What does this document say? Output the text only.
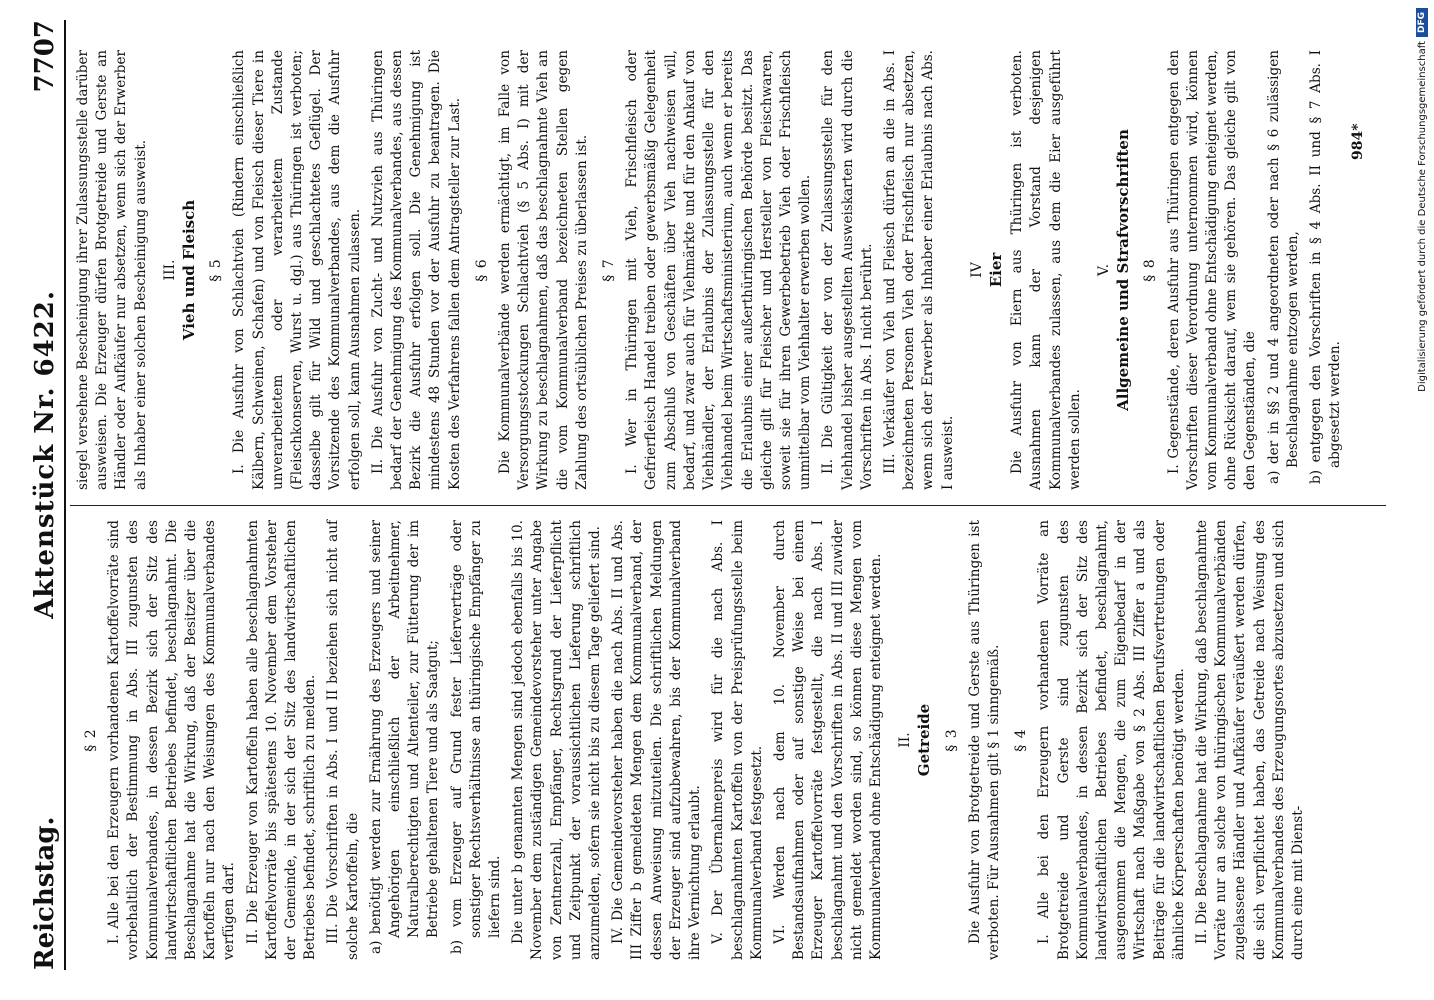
Reichstag.
Aktenstück Nr. 6422.
7707
§ 2 I. Alle bei den Erzeugern vorhandenen Kartoffelvorräte sind vorbehaltlich der Bestimmung in Abs. III zugunsten des Kommunalverbandes, in dessen Bezirk sich der Sitz des landwirtschaftlichen Betriebes befindet, beschlagnahmt. Die Beschlagnahme hat die Wirkung, daß der Besitzer über die Kartoffeln nur nach den Weisungen des Kommunalverbandes verfügen darf. II. Die Erzeuger von Kartoffeln haben alle beschlagnahmten Kartoffelvorräte bis spätestens 10. November dem Vorsteher der Gemeinde, in der sich der Sitz des landwirtschaftlichen Betriebes befindet, schriftlich zu melden. III. Die Vorschriften in Abs. I und II beziehen sich nicht auf solche Kartoffeln, die a) benötigt werden zur Ernährung des Erzeugers und seiner Angehörigen einschließlich der Arbeitnehmer, Naturalberechtigten und Altenteiler, zur Fütterung der im Betriebe gehaltenen Tiere und als Saatgut; b) vom Erzeuger auf Grund fester Lieferverträge oder sonstiger Rechtsverhältnisse an thüringische Empfänger zu liefern sind. Die unter b genannten Mengen sind jedoch ebenfalls bis 10. November dem zuständigen Gemeindevorsteher unter Angabe von Zentnerzahl, Empfänger, Rechtsgrund der Lieferpflicht und Zeitpunkt der voraussichtlichen Lieferung schriftlich anzumelden, sofern sie nicht bis zu diesem Tage geliefert sind. IV. Die Gemeindevorsteher haben die nach Abs. II und Abs. III Ziffer b gemeldeten Mengen dem Kommunalverband, der dessen Anweisung mitzuteilen. Die schriftlichen Meldungen der Erzeuger sind aufzubewahren, bis der Kommunalverband ihre Vernichtung erlaubt. V. Der Übernahmepreis wird für die nach Abs. I beschlagnahmten Kartoffeln von der Preisprüfungsstelle beim Kommunalverband festgesetzt. VI. Werden nach dem 10. November durch Bestandsaufnahmen oder auf sonstige Weise bei einem Erzeuger Kartoffelvorräte festgestellt, die nach Abs. I beschlagnahmt und den Vorschriften in Abs. II und III zuwider nicht gemeldet worden sind, so können diese Mengen vom Kommunalverband ohne Entschädigung enteignet werden. II. Getreide § 3 Die Ausfuhr von Brotgetreide und Gerste aus Thüringen ist verboten. Für Ausnahmen gilt § 1 sinngemäß. § 4 I. Alle bei den Erzeugern vorhandenen Vorräte an Brotgetreide und Gerste sind zugunsten des Kommunalverbandes, in dessen Bezirk sich der Sitz des landwirtschaftlichen Betriebes befindet, beschlagnahmt, ausgenommen die Mengen, die zum Eigenbedarf in der Wirtschaft nach Maßgabe von § 2 Abs. III Ziffer a und als Beiträge für die landwirtschaftlichen Berufsvertretungen oder ähnliche Körperschaften benötigt werden. II. Die Beschlagnahme hat die Wirkung, daß beschlagnahmte Vorräte nur an solche von thüringischen Kommunalverbänden zugelassene Händler und Aufkäufer veräußert werden dürfen, die sich verpflichtet haben, das Getreide nach Weisung des Kommunalverbandes des Erzeugungsortes abzusetzen und sich durch eine mit Dienst-

siegel versehene Bescheinigung ihrer Zulassungsstelle darüber ausweisen. Die Erzeuger dürfen Brotgetreide und Gerste an Händler oder Aufkäufer nur absetzen, wenn sich der Erwerber als Inhaber einer solchen Bescheinigung ausweist. III. Vieh und Fleisch § 5 I. Die Ausfuhr von Schlachtvieh (Rindern einschließlich Kälbern, Schweinen, Schafen) und von Fleisch dieser Tiere in unverarbeitetem oder verarbeitetem Zustande (Fleischkonserven, Wurst u. dgl.) aus Thüringen ist verboten; dasselbe gilt für Wild und geschlachtetes Geflügel. Der Vorsitzende des Kommunalverbandes, aus dem die Ausfuhr erfolgen soll, kann Ausnahmen zulassen. II. Die Ausfuhr von Zucht- und Nutzvieh aus Thüringen bedarf der Genehmigung des Kommunalverbandes, aus dessen Bezirk die Ausfuhr erfolgen soll. Die Genehmigung ist mindestens 48 Stunden vor der Ausfuhr zu beantragen. Die Kosten des Verfahrens fallen dem Antragsteller zur Last. § 6 Die Kommunalverbände werden ermächtigt, im Falle von Versorgungsstockungen Schlachtvieh (§ 5 Abs. I) mit der Wirkung zu beschlagnahmen, daß das beschlagnahmte Vieh an die vom Kommunalverband bezeichneten Stellen gegen Zahlung des ortsüblichen Preises zu überlassen ist. § 7 I. Wer in Thüringen mit Vieh, Frischfleisch oder Gefrierfleisch Handel treiben oder gewerbsmäßig Gelegenheit zum Abschluß von Geschäften über Vieh nachweisen will, bedarf, und zwar auch für Viehmärkte und für den Ankauf von Viehhändler, der Erlaubnis der Zulassungsstelle für den Viehhandel beim Wirtschaftsministerium, auch wenn er bereits die Erlaubnis einer außerthüringischen Behörde besitzt. Das gleiche gilt für Fleischer und Hersteller von Fleischwaren, soweit sie für ihren Gewerbebetrieb Vieh oder Frischfleisch unmittelbar vom Viehhalter erwerben wollen. II. Die Gültigkeit der von der Zulassungsstelle für den Viehhandel bisher ausgestellten Ausweiskarten wird durch die Vorschriften in Abs. I nicht berührt. III. Verkäufer von Vieh und Fleisch dürfen an die in Abs. I bezeichneten Personen Vieh oder Frischfleisch nur absetzen, wenn sich der Erwerber als Inhaber einer Erlaubnis nach Abs. I ausweist.

IV Eier Die Ausfuhr von Eiern aus Thüringen ist verboten. Ausnahmen kann der Vorstand desjenigen Kommunalverbandes zulassen, aus dem die Eier ausgeführt werden sollen.

V. Allgemeine und Strafvorschriften § 8 I. Gegenstände, deren Ausfuhr aus Thüringen entgegen den Vorschriften dieser Verordnung unternommen wird, können vom Kommunalverband ohne Entschädigung enteignet werden, ohne Rücksicht darauf, wem sie gehören. Das gleiche gilt von den Gegenständen, die a) der in §§ 2 und 4 angeordneten oder nach § 6 zulässigen Beschlagnahme entzogen werden, b) entgegen den Vorschriften in § 4 Abs. II und § 7 Abs. I abgesetzt werden.

984*	Digitalisierung gefördert durch die Deutsche Forschungsgemeinschaft
DFG
